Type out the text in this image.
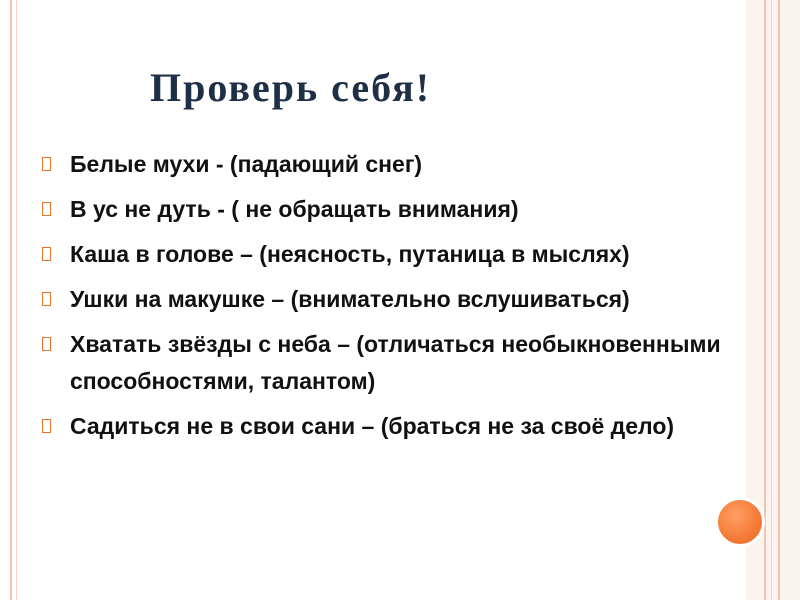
Проверь себя!
Белые мухи - (падающий снег)
В ус не дуть - ( не обращать внимания)
Каша в голове – (неясность, путаница в мыслях)
Ушки на макушке – (внимательно вслушиваться)
Хватать звёзды с неба – (отличаться необыкновенными способностями, талантом)
Садиться не в свои сани – (браться не за своё дело)
